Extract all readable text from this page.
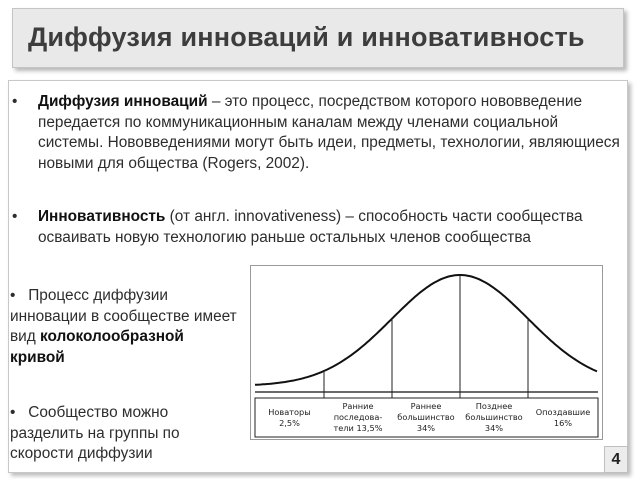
Диффузия инноваций и инновативность
• Диффузия инноваций – это процесс, посредством которого нововведение передается по коммуникационным каналам между членами социальной системы. Нововведениями могут быть идеи, предметы, технологии, являющиеся новыми для общества (Rogers, 2002).
• Инновативность (от англ. innovativeness) – способность части сообщества осваивать новую технологию раньше остальных членов сообщества
• Процесс диффузии инновации в сообществе имеет вид колоколообразной кривой
• Сообщество можно разделить на группы по скорости диффузии
Новаторы
2,5%
Ранние
последова-
тели 13,5%
Раннее
большинство
34%
Позднее
большинство
34%
Опоздавшие
16%
4
